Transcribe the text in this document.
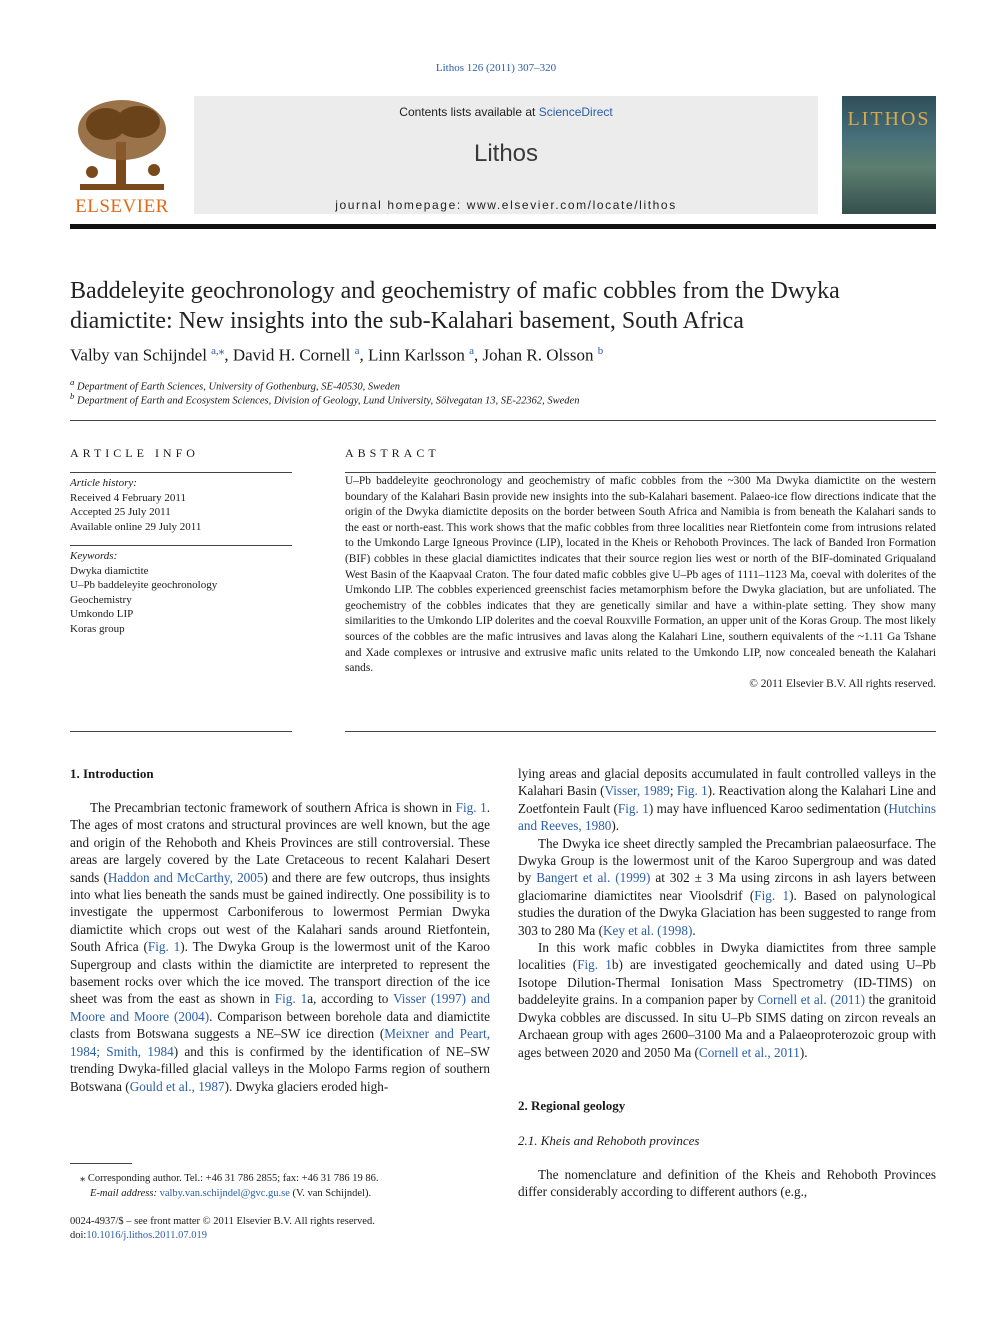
Lithos 126 (2011) 307–320
ELSEVIER
Contents lists available at ScienceDirect
Lithos
journal homepage: www.elsevier.com/locate/lithos
LITHOS
Baddeleyite geochronology and geochemistry of mafic cobbles from the Dwyka diamictite: New insights into the sub-Kalahari basement, South Africa
Valby van Schijndel $^{a,⁎}$, David H. Cornell $^a$, Linn Karlsson $^a$, Johan R. Olsson $^b$
$^a$ Department of Earth Sciences, University of Gothenburg, SE-40530, Sweden
$^b$ Department of Earth and Ecosystem Sciences, Division of Geology, Lund University, Sölvegatan 13, SE-22362, Sweden
ARTICLE INFO
Article history:
Received 4 February 2011
Accepted 25 July 2011
Available online 29 July 2011
Keywords:
Dwyka diamictite
U–Pb baddeleyite geochronology
Geochemistry
Umkondo LIP
Koras group
ABSTRACT

U–Pb baddeleyite geochronology and geochemistry of mafic cobbles from the ~300 Ma Dwyka diamictite on the western boundary of the Kalahari Basin provide new insights into the sub-Kalahari basement. Palaeo-ice flow directions indicate that the origin of the Dwyka diamictite deposits on the border between South Africa and Namibia is from beneath the Kalahari sands to the east or north-east. This work shows that the mafic cobbles from three localities near Rietfontein come from intrusions related to the Umkondo Large Igneous Province (LIP), located in the Kheis or Rehoboth Provinces. The lack of Banded Iron Formation (BIF) cobbles in these glacial diamictites indicates that their source region lies west or north of the BIF-dominated Griqualand West Basin of the Kaapvaal Craton. The four dated mafic cobbles give U–Pb ages of 1111–1123 Ma, coeval with dolerites of the Umkondo LIP. The cobbles experienced greenschist facies metamorphism before the Dwyka glaciation, but are unfoliated. The geochemistry of the cobbles indicates that they are genetically similar and have a within-plate setting. They show many similarities to the Umkondo LIP dolerites and the coeval Rouxville Formation, an upper unit of the Koras Group. The most likely sources of the cobbles are the mafic intrusives and lavas along the Kalahari Line, southern equivalents of the ~1.11 Ga Tshane and Xade complexes or intrusive and extrusive mafic units related to the Umkondo LIP, now concealed beneath the Kalahari sands.

© 2011 Elsevier B.V. All rights reserved.

1. Introduction

The Precambrian tectonic framework of southern Africa is shown in Fig. 1. The ages of most cratons and structural provinces are well known, but the age and origin of the Rehoboth and Kheis Provinces are still controversial. These areas are largely covered by the Late Cretaceous to recent Kalahari Desert sands (Haddon and McCarthy, 2005) and there are few outcrops, thus insights into what lies beneath the sands must be gained indirectly. One possibility is to investigate the uppermost Carboniferous to lowermost Permian Dwyka diamictite which crops out west of the Kalahari sands around Rietfontein, South Africa (Fig. 1). The Dwyka Group is the lowermost unit of the Karoo Supergroup and clasts within the diamictite are interpreted to represent the basement rocks over which the ice moved. The transport direction of the ice sheet was from the east as shown in Fig. 1a, according to Visser (1997) and Moore and Moore (2004). Comparison between borehole data and diamictite clasts from Botswana suggests a NE–SW ice direction (Meixner and Peart, 1984; Smith, 1984) and this is confirmed by the identification of NE–SW trending Dwyka-filled glacial valleys in the Molopo Farms region of southern Botswana (Gould et al., 1987). Dwyka glaciers eroded high-

lying areas and glacial deposits accumulated in fault controlled valleys in the Kalahari Basin (Visser, 1989; Fig. 1). Reactivation along the Kalahari Line and Zoetfontein Fault (Fig. 1) may have influenced Karoo sedimentation (Hutchins and Reeves, 1980).

The Dwyka ice sheet directly sampled the Precambrian palaeosurface. The Dwyka Group is the lowermost unit of the Karoo Supergroup and was dated by Bangert et al. (1999) at 302 ± 3 Ma using zircons in ash layers between glaciomarine diamictites near Vioolsdrif (Fig. 1). Based on palynological studies the duration of the Dwyka Glaciation has been suggested to range from 303 to 280 Ma (Key et al. (1998).

In this work mafic cobbles in Dwyka diamictites from three sample localities (Fig. 1b) are investigated geochemically and dated using U–Pb Isotope Dilution-Thermal Ionisation Mass Spectrometry (ID-TIMS) on baddeleyite grains. In a companion paper by Cornell et al. (2011) the granitoid Dwyka cobbles are discussed. In situ U–Pb SIMS dating on zircon reveals an Archaean group with ages 2600–3100 Ma and a Palaeoproterozoic group with ages between 2020 and 2050 Ma (Cornell et al., 2011).

2. Regional geology
2.1. Kheis and Rehoboth provinces

The nomenclature and definition of the Kheis and Rehoboth Provinces differ considerably according to different authors (e.g.,

⁎ Corresponding author. Tel.: +46 31 786 2855; fax: +46 31 786 19 86.
E-mail address: valby.van.schijndel@gvc.gu.se (V. van Schijndel).
0024-4937/$ – see front matter © 2011 Elsevier B.V. All rights reserved.
doi:10.1016/j.lithos.2011.07.019
